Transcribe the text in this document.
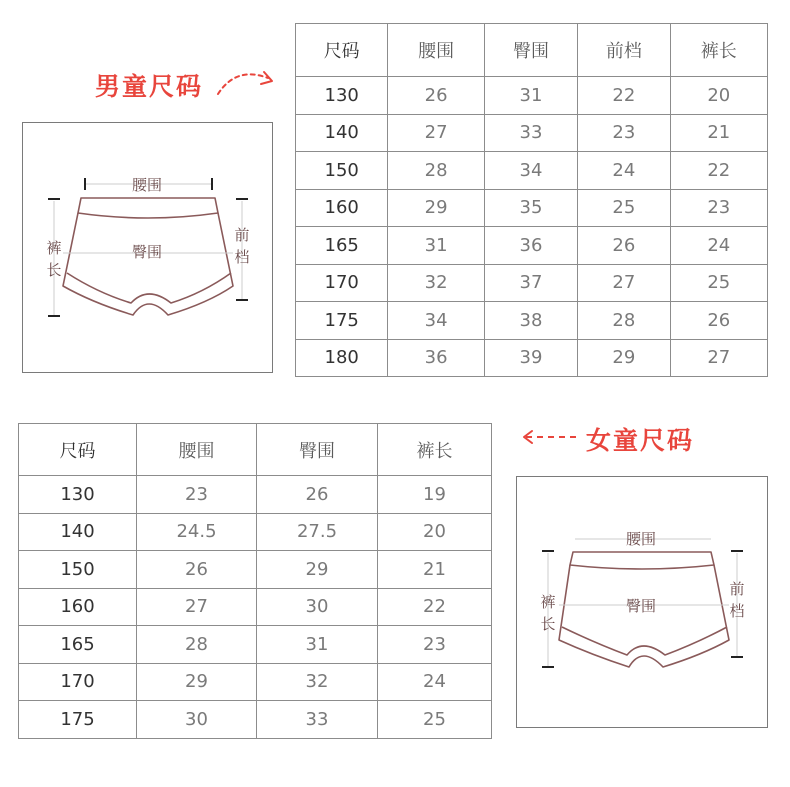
男童尺码
尺码	腰围	臀围	前档	裤长
130	26	31	22	20
140	27	33	23	21
150	28	34	24	22
160	29	35	25	23
165	31	36	26	24
170	32	37	27	25
175	34	38	28	26
180	36	39	29	27
腰围
臀围
裤
长
前
档
尺码	腰围	臀围	裤长
130	23	26	19
140	24.5	27.5	20
150	26	29	21
160	27	30	22
165	28	31	23
170	29	32	24
175	30	33	25
女童尺码
腰围
臀围
裤
长
前
档
